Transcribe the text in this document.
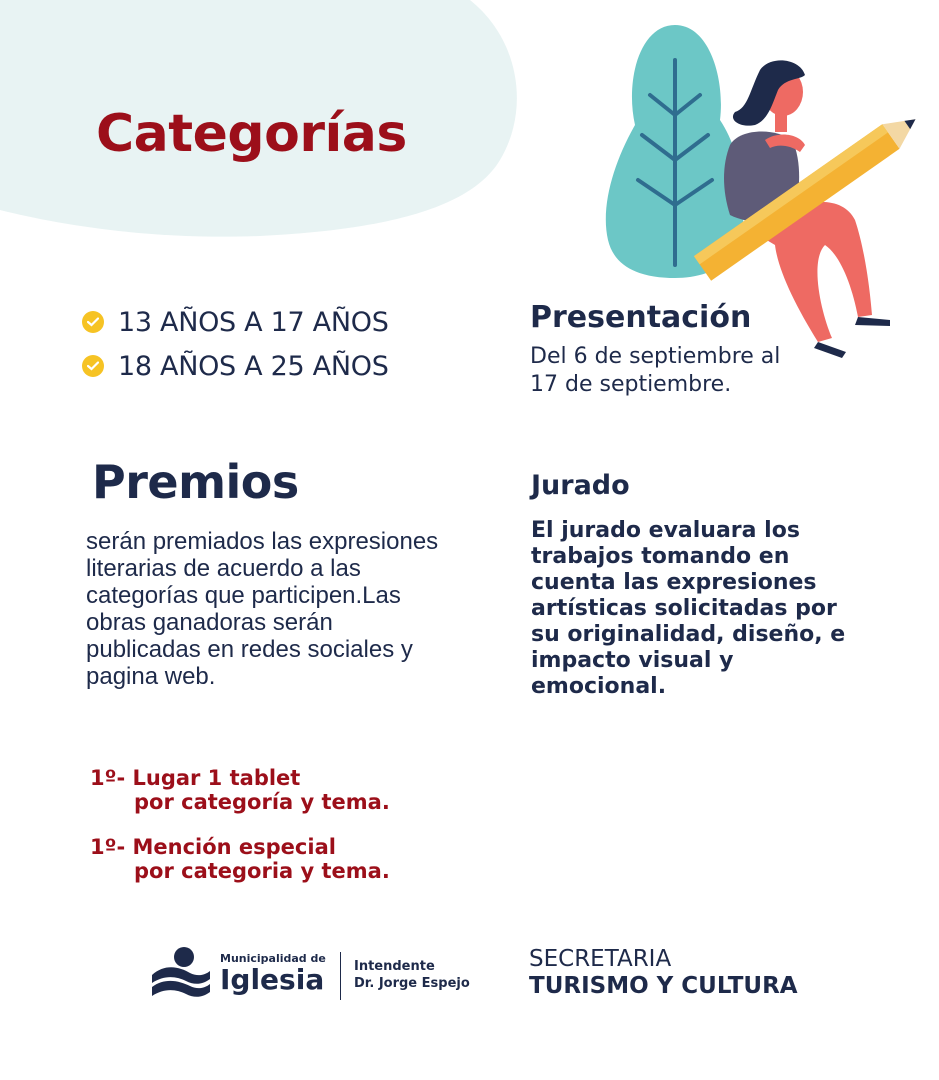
Categorías
13 AÑOS A 17 AÑOS
18 AÑOS A 25 AÑOS
Presentación
Del 6 de septiembre al
17 de septiembre.
Premios
serán premiados las expresiones literarias de acuerdo a las categorías que participen.Las obras ganadoras serán publicadas en redes sociales y pagina web.
Jurado
El jurado evaluara los trabajos tomando en cuenta las expresiones artísticas solicitadas por su originalidad, diseño, e impacto visual y emocional.
1º- Lugar 1 tablet
por categoría y tema.
1º- Mención especial
por categoria y tema.
Municipalidad de
Iglesia Intendente
Dr. Jorge Espejo
SECRETARIA
TURISMO Y CULTURA
